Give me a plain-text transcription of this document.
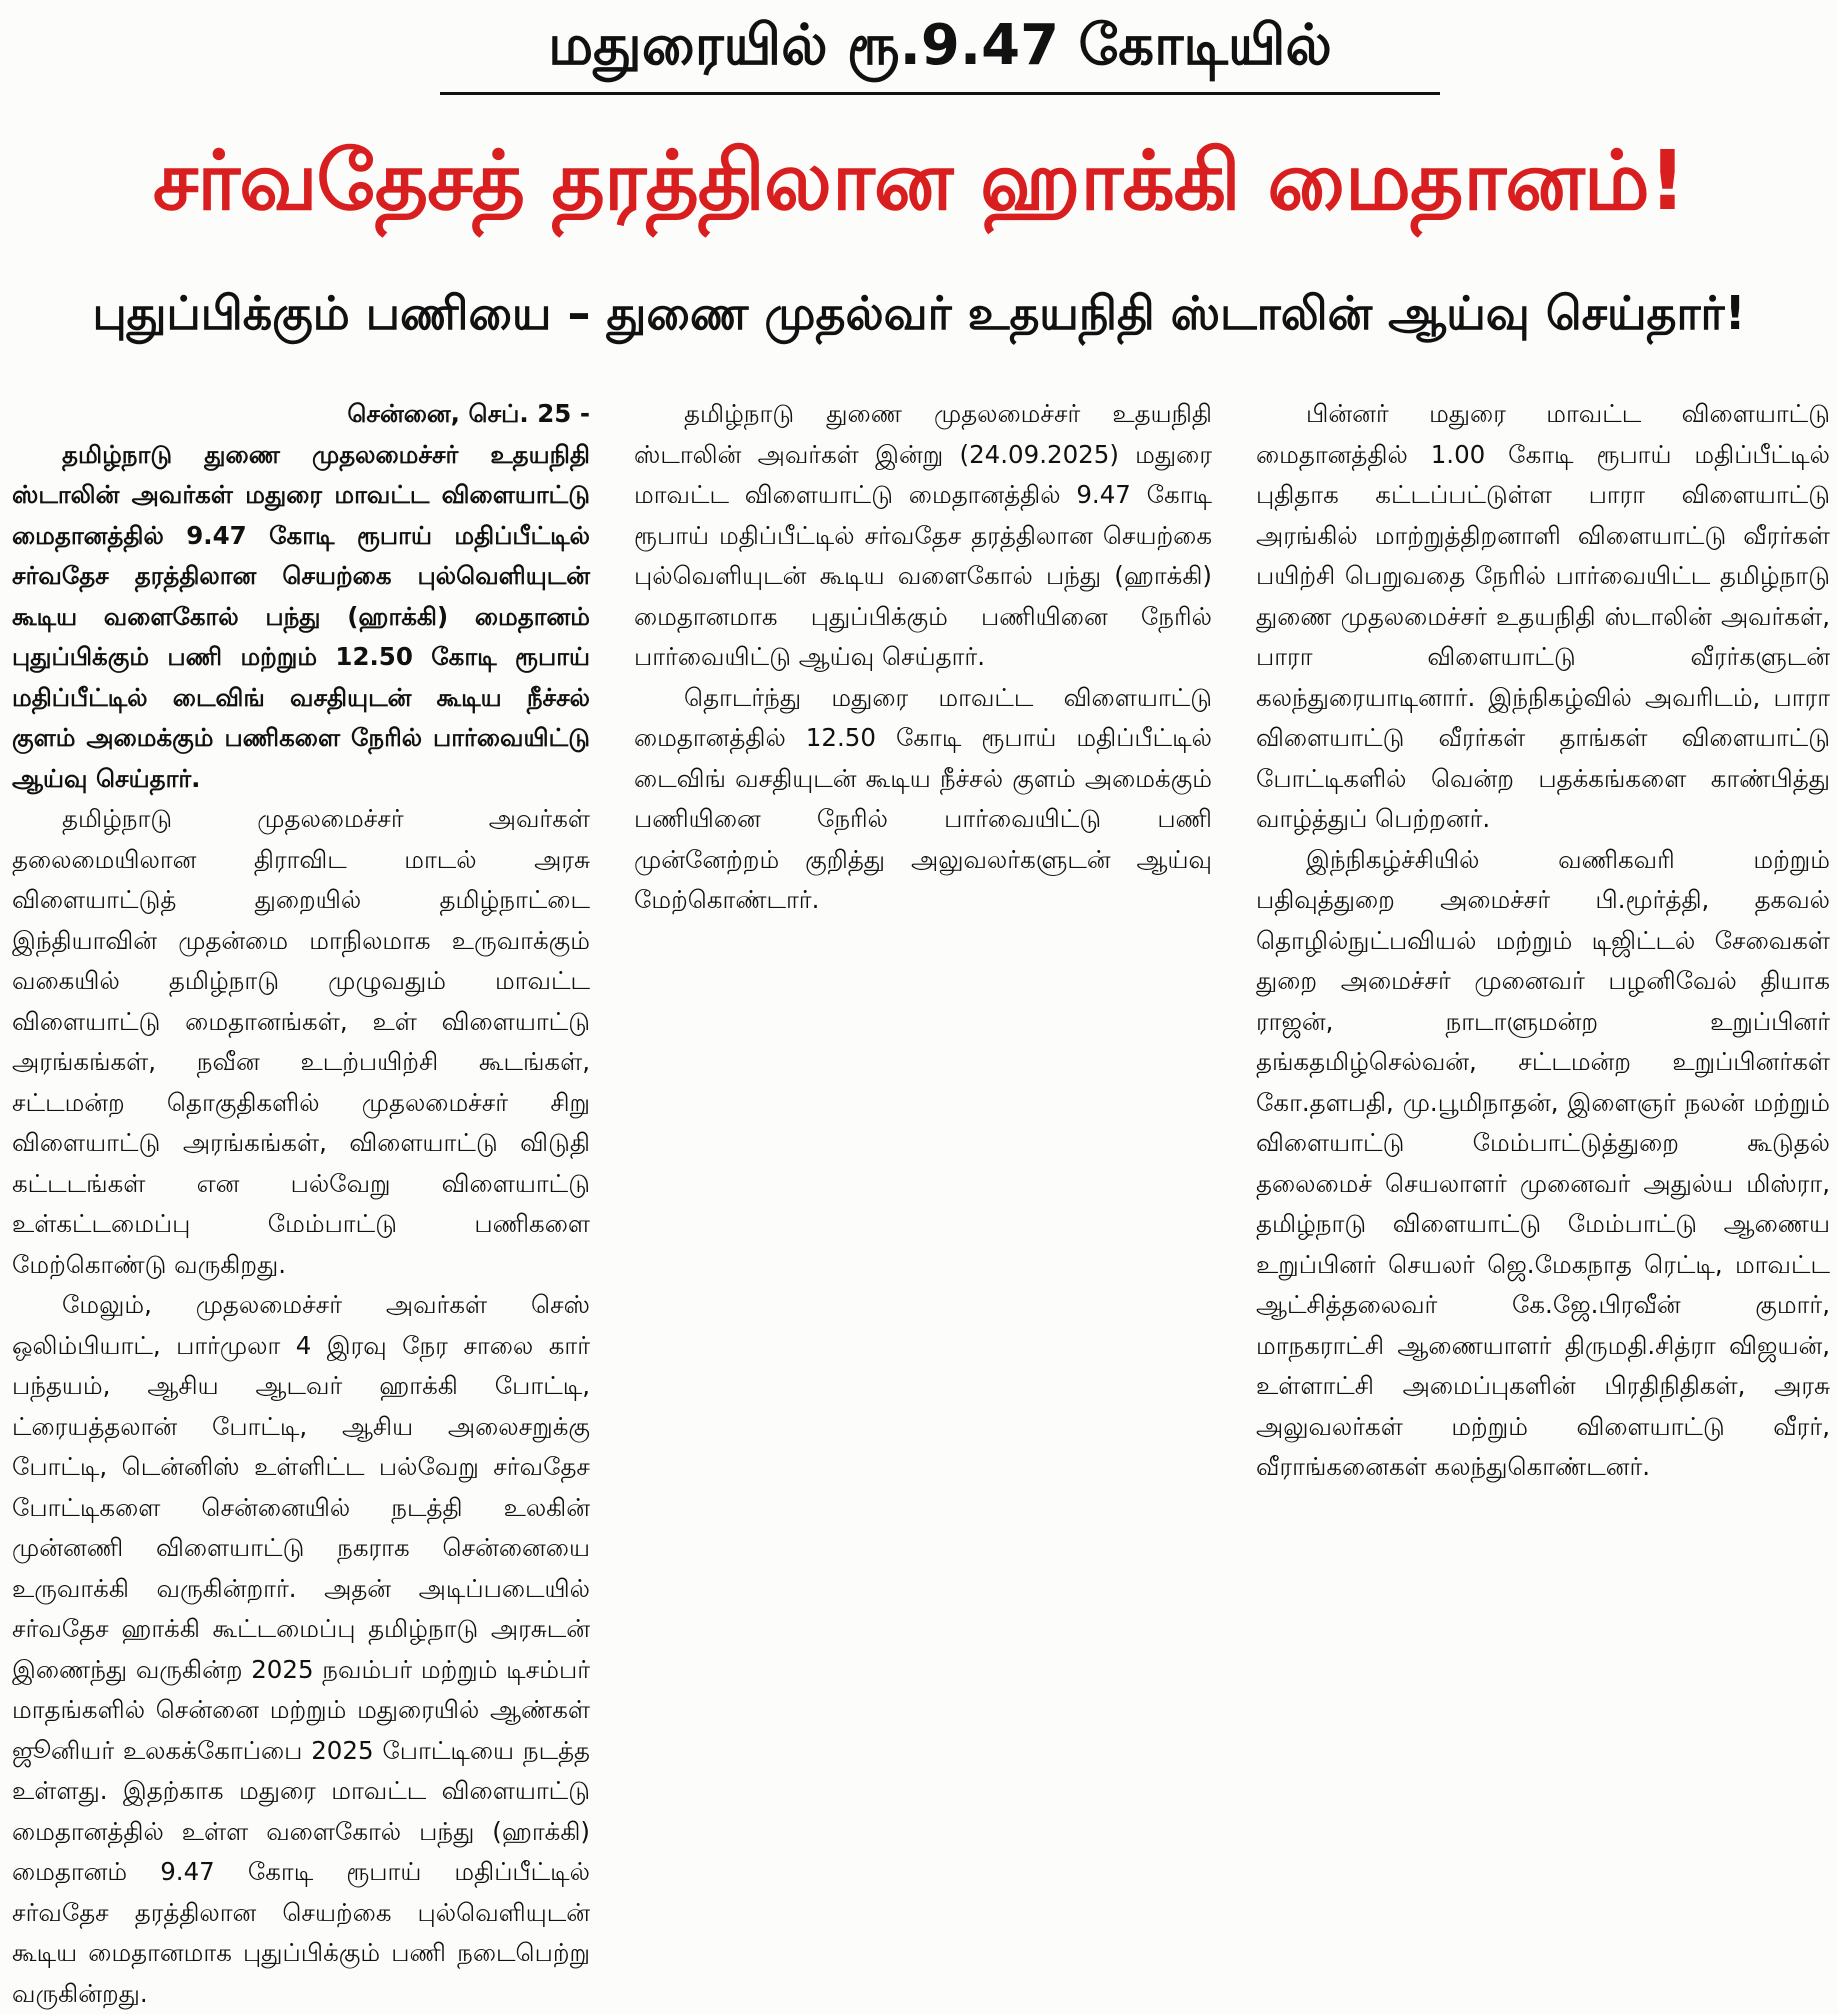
மதுரையில் ரூ.9.47 கோடியில்
சர்வதேசத் தரத்திலான ஹாக்கி மைதானம்!
புதுப்பிக்கும் பணியை – துணை முதல்வர் உதயநிதி ஸ்டாலின் ஆய்வு செய்தார்!

சென்னை, செப். 25 -

தமிழ்நாடு துணை முதலமைச்சர் உதயநிதி ஸ்டாலின் அவர்கள் மதுரை மாவட்ட விளையாட்டு மைதானத்தில் 9.47 கோடி ரூபாய் மதிப்பீட்டில் சர்வதேச தரத்திலான செயற்கை புல்வெளியுடன் கூடிய வளைகோல் பந்து (ஹாக்கி) மைதானம் புதுப்பிக்கும் பணி மற்றும் 12.50 கோடி ரூபாய் மதிப்பீட்டில் டைவிங் வசதியுடன் கூடிய நீச்சல் குளம் அமைக்கும் பணிகளை நேரில் பார்வையிட்டு ஆய்வு செய்தார்.

தமிழ்நாடு முதலமைச்சர் அவர்கள் தலைமையிலான திராவிட மாடல் அரசு விளையாட்டுத் துறையில் தமிழ்நாட்டை இந்தியாவின் முதன்மை மாநிலமாக உருவாக்கும் வகையில் தமிழ்நாடு முழுவதும் மாவட்ட விளையாட்டு மைதானங்கள், உள் விளையாட்டு அரங்கங்கள், நவீன உடற்பயிற்சி கூடங்கள், சட்டமன்ற தொகுதிகளில் முதலமைச்சர் சிறு விளையாட்டு அரங்கங்கள், விளையாட்டு விடுதி கட்டடங்கள் என பல்வேறு விளையாட்டு உள்கட்டமைப்பு மேம்பாட்டு பணிகளை மேற்கொண்டு வருகிறது.

மேலும், முதலமைச்சர் அவர்கள் செஸ் ஒலிம்பியாட், பார்முலா 4 இரவு நேர சாலை கார் பந்தயம், ஆசிய ஆடவர் ஹாக்கி போட்டி, ட்ரையத்தலான் போட்டி, ஆசிய அலைசறுக்கு போட்டி, டென்னிஸ் உள்ளிட்ட பல்வேறு சர்வதேச போட்டிகளை சென்னையில் நடத்தி உலகின் முன்னணி விளையாட்டு நகராக சென்னையை உருவாக்கி வருகின்றார். அதன் அடிப்படையில் சர்வதேச ஹாக்கி கூட்டமைப்பு தமிழ்நாடு அரசுடன் இணைந்து வருகின்ற 2025 நவம்பர் மற்றும் டிசம்பர் மாதங்களில் சென்னை மற்றும் மதுரையில் ஆண்கள் ஜூனியர் உலகக்கோப்பை 2025 போட்டியை நடத்த உள்ளது. இதற்காக மதுரை மாவட்ட விளையாட்டு மைதானத்தில் உள்ள வளைகோல் பந்து (ஹாக்கி) மைதானம் 9.47 கோடி ரூபாய் மதிப்பீட்டில் சர்வதேச தரத்திலான செயற்கை புல்வெளியுடன் கூடிய மைதானமாக புதுப்பிக்கும் பணி நடைபெற்று வருகின்றது.

தமிழ்நாடு துணை முதலமைச்சர் உதயநிதி ஸ்டாலின் அவர்கள் இன்று (24.09.2025) மதுரை மாவட்ட விளையாட்டு மைதானத்தில் 9.47 கோடி ரூபாய் மதிப்பீட்டில் சர்வதேச தரத்திலான செயற்கை புல்வெளியுடன் கூடிய வளைகோல் பந்து (ஹாக்கி) மைதானமாக புதுப்பிக்கும் பணியினை நேரில் பார்வையிட்டு ஆய்வு செய்தார்.

தொடர்ந்து மதுரை மாவட்ட விளையாட்டு மைதானத்தில் 12.50 கோடி ரூபாய் மதிப்பீட்டில் டைவிங் வசதியுடன் கூடிய நீச்சல் குளம் அமைக்கும் பணியினை நேரில் பார்வையிட்டு பணி முன்னேற்றம் குறித்து அலுவலர்களுடன் ஆய்வு மேற்கொண்டார்.

பின்னர் மதுரை மாவட்ட விளையாட்டு மைதானத்தில் 1.00 கோடி ரூபாய் மதிப்பீட்டில் புதிதாக கட்டப்பட்டுள்ள பாரா விளையாட்டு அரங்கில் மாற்றுத்திறனாளி விளையாட்டு வீரர்கள் பயிற்சி பெறுவதை நேரில் பார்வையிட்ட தமிழ்நாடு துணை முதலமைச்சர் உதயநிதி ஸ்டாலின் அவர்கள், பாரா விளையாட்டு வீரர்களுடன் கலந்துரையாடினார். இந்நிகழ்வில் அவரிடம், பாரா விளையாட்டு வீரர்கள் தாங்கள் விளையாட்டு போட்டிகளில் வென்ற பதக்கங்களை காண்பித்து வாழ்த்துப் பெற்றனர்.

இந்நிகழ்ச்சியில் வணிகவரி மற்றும் பதிவுத்துறை அமைச்சர் பி.மூர்த்தி, தகவல் தொழில்நுட்பவியல் மற்றும் டிஜிட்டல் சேவைகள் துறை அமைச்சர் முனைவர் பழனிவேல் தியாக ராஜன், நாடாளுமன்ற உறுப்பினர் தங்கதமிழ்செல்வன், சட்டமன்ற உறுப்பினர்கள் கோ.தளபதி, மு.பூமிநாதன், இளைஞர் நலன் மற்றும் விளையாட்டு மேம்பாட்டுத்துறை கூடுதல் தலைமைச் செயலாளர் முனைவர் அதுல்ய மிஸ்ரா, தமிழ்நாடு விளையாட்டு மேம்பாட்டு ஆணைய உறுப்பினர் செயலர் ஜெ.மேகநாத ரெட்டி, மாவட்ட ஆட்சித்தலைவர் கே.ஜே.பிரவீன் குமார், மாநகராட்சி ஆணையாளர் திருமதி.சித்ரா விஜயன், உள்ளாட்சி அமைப்புகளின் பிரதிநிதிகள், அரசு அலுவலர்கள் மற்றும் விளையாட்டு வீரர், வீராங்கனைகள் கலந்துகொண்டனர்.
